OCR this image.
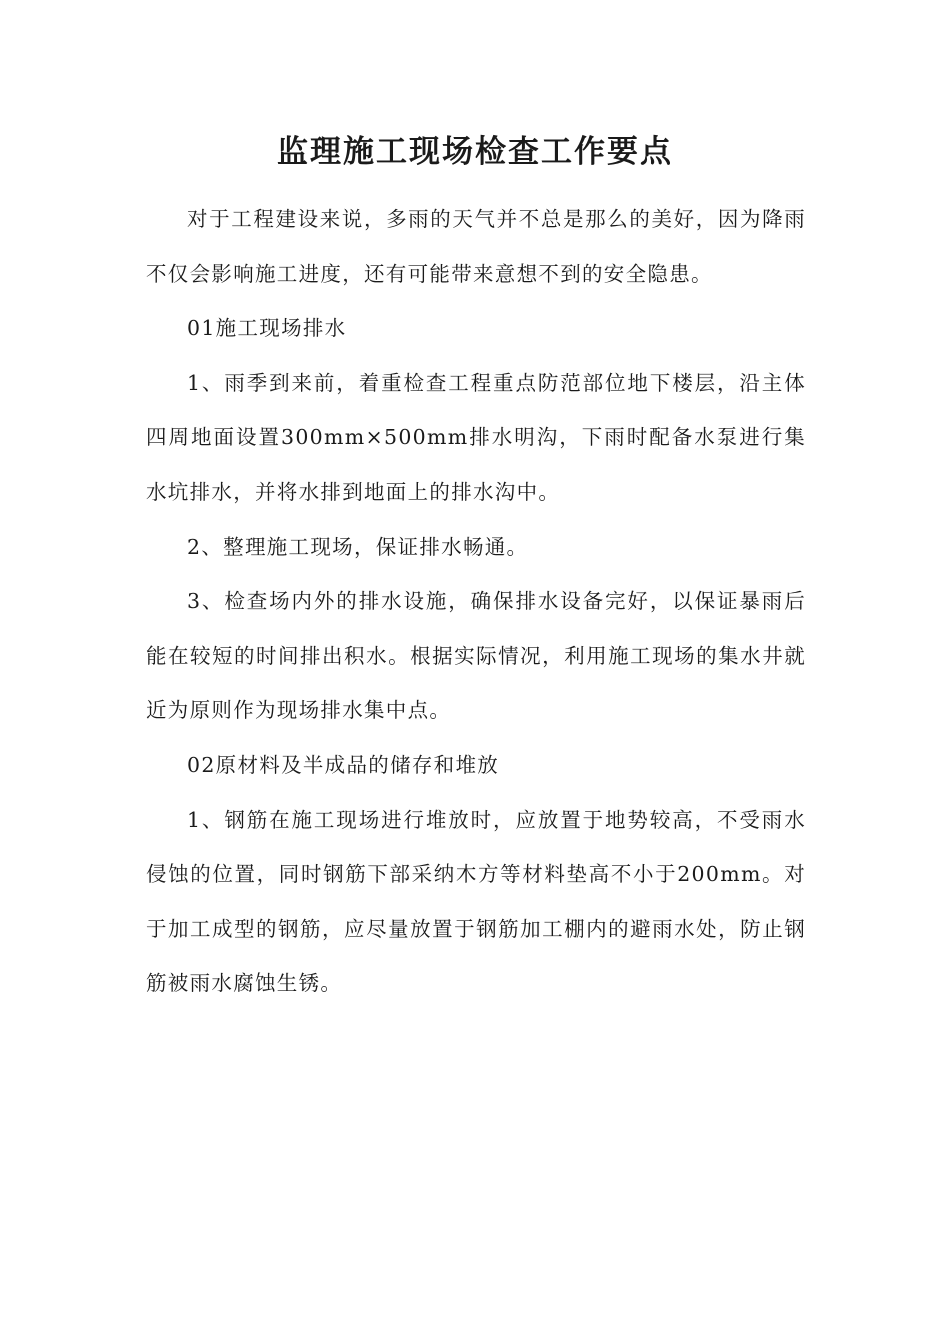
监理施工现场检查工作要点

对于工程建设来说，多雨的天气并不总是那么的美好，因为降雨不仅会影响施工进度，还有可能带来意想不到的安全隐患。

01施工现场排水

1、雨季到来前，着重检查工程重点防范部位地下楼层，沿主体四周地面设置300mm×500mm排水明沟，下雨时配备水泵进行集水坑排水，并将水排到地面上的排水沟中。

2、整理施工现场，保证排水畅通。

3、检查场内外的排水设施，确保排水设备完好，以保证暴雨后能在较短的时间排出积水。根据实际情况，利用施工现场的集水井就近为原则作为现场排水集中点。

02原材料及半成品的储存和堆放

1、钢筋在施工现场进行堆放时，应放置于地势较高，不受雨水侵蚀的位置，同时钢筋下部采纳木方等材料垫高不小于200mm。对于加工成型的钢筋，应尽量放置于钢筋加工棚内的避雨水处，防止钢筋被雨水腐蚀生锈。
